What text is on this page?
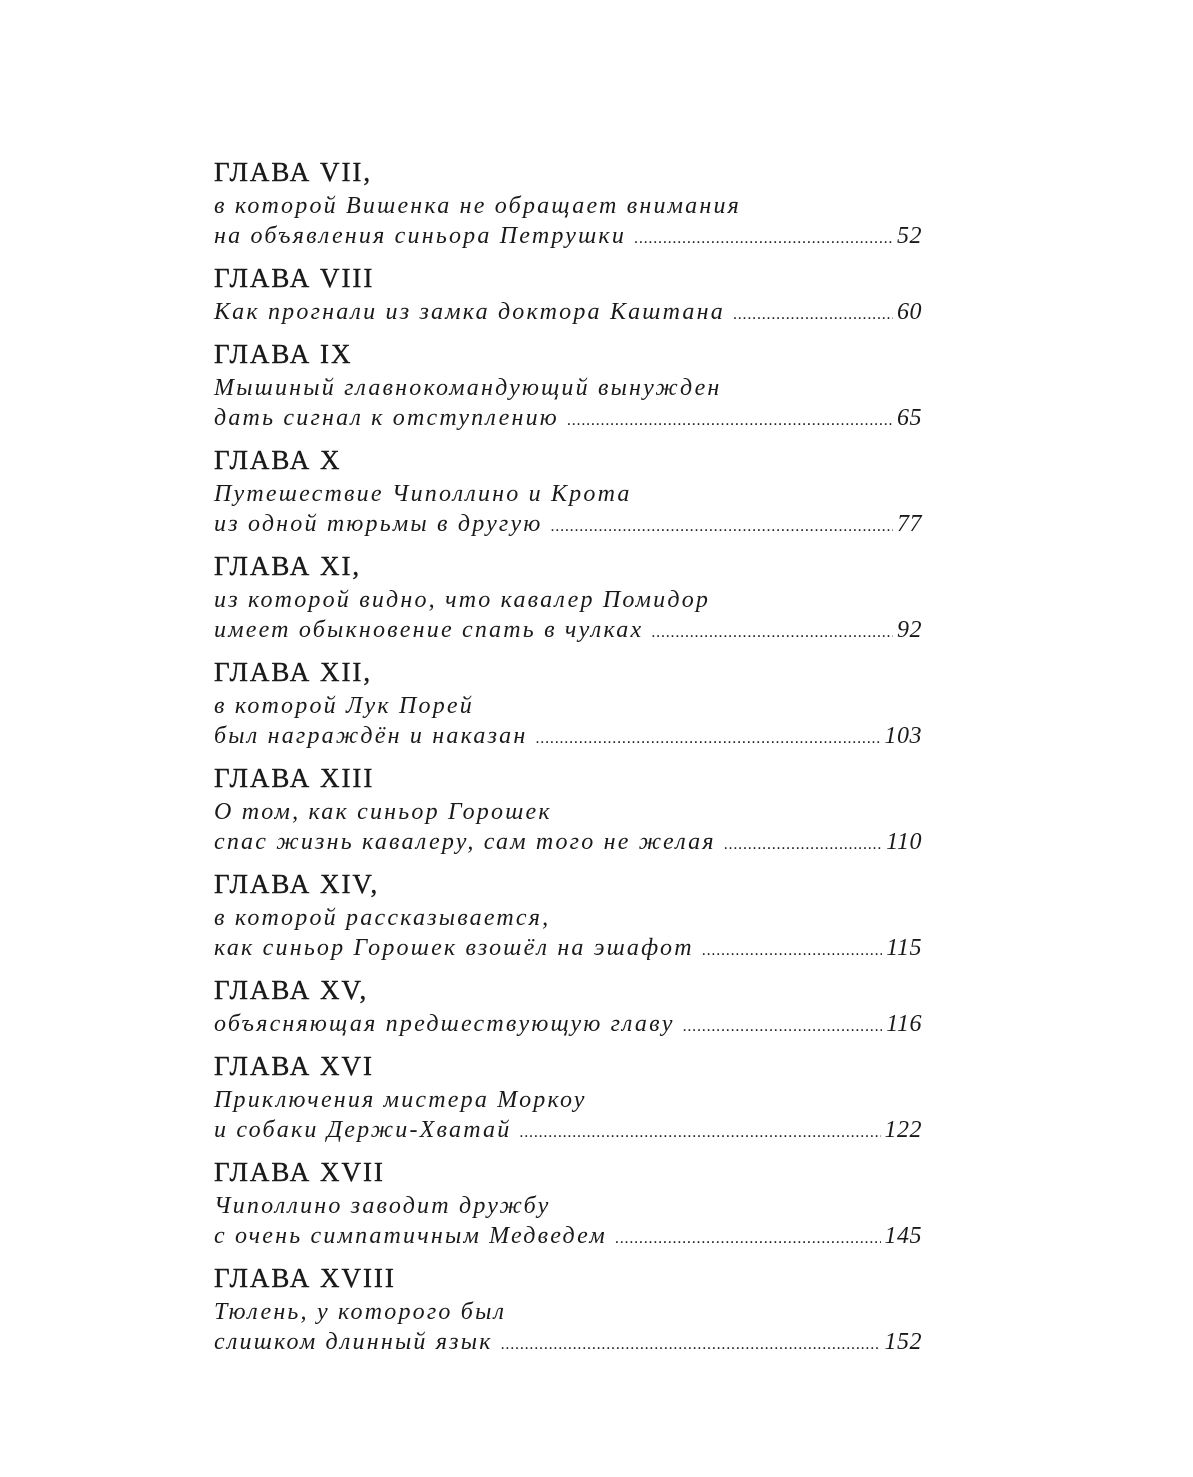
ГЛАВА VII,
в которой Вишенка не обращает внимания
на объявления синьора Петрушки . . .	52
ГЛАВА VIII
Как прогнали из замка доктора Каштана . . .	60
ГЛАВА IX
Мышиный главнокомандующий вынужден
дать сигнал к отступлению . . .	65
ГЛАВА X
Путешествие Чиполлино и Крота
из одной тюрьмы в другую . . .	77
ГЛАВА XI,
из которой видно, что кавалер Помидор
имеет обыкновение спать в чулках . . .	92
ГЛАВА XII,
в которой Лук Порей
был награждён и наказан . . .	103
ГЛАВА XIII
О том, как синьор Горошек
спас жизнь кавалеру, сам того не желая . . .	110
ГЛАВА XIV,
в которой рассказывается,
как синьор Горошек взошёл на эшафот . . .	115
ГЛАВА XV,
объясняющая предшествующую главу . . .	116
ГЛАВА XVI
Приключения мистера Моркоу
и собаки Держи-Хватай . . .	122
ГЛАВА XVII
Чиполлино заводит дружбу
с очень симпатичным Медведем . . .	145
ГЛАВА XVIII
Тюлень, у которого был
слишком длинный язык . . .	152
